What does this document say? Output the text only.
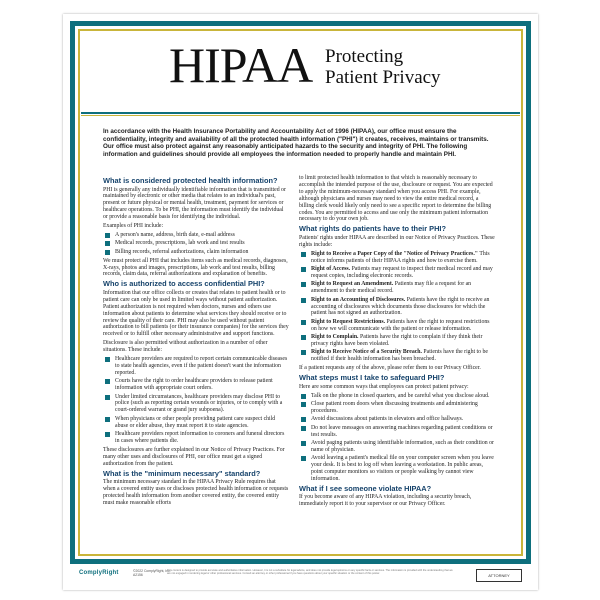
HIPAA Protecting
Patient Privacy
In accordance with the Health Insurance Portability and Accountability Act of 1996 (HIPAA), our office must ensure the confidentiality, integrity and availability of all the protected health information ("PHI") it creates, receives, maintains or transmits. Our office must also protect against any reasonably anticipated hazards to the security and integrity of PHI. The following information and guidelines should provide all employees the information needed to properly handle and maintain PHI.
What is considered protected health information?
PHI is generally any individually identifiable information that is transmitted or maintained by electronic or other media that relates to an individual's past, present or future physical or mental health, treatment, payment for services or healthcare operations. To be PHI, the information must identify the individual or provide a reasonable basis for identifying the individual.
Examples of PHI include:
A person's name, address, birth date, e-mail address
Medical records, prescriptions, lab work and test results
Billing records, referral authorizations, claim information
We must protect all PHI that includes items such as medical records, diagnoses, X-rays, photos and images, prescriptions, lab work and test results, billing records, claim data, referral authorizations and explanation of benefits.
Who is authorized to access confidential PHI?
Information that our office collects or creates that relates to patient health or to patient care can only be used in limited ways without patient authorization. Patient authorization is not required when doctors, nurses and others use information about patients to determine what services they should receive or to review the quality of their care. PHI may also be used without patient authorization to bill patients (or their insurance companies) for the services they received or to fulfill other necessary administrative and support functions.
Disclosure is also permitted without authorization in a number of other situations. These include:
Healthcare providers are required to report certain communicable diseases to state health agencies, even if the patient doesn't want the information reported.
Courts have the right to order healthcare providers to release patient information with appropriate court orders.
Under limited circumstances, healthcare providers may disclose PHI to police (such as reporting certain wounds or injuries, or to comply with a court-ordered warrant or grand jury subpoena).
When physicians or other people providing patient care suspect child abuse or elder abuse, they must report it to state agencies.
Healthcare providers report information to coroners and funeral directors in cases where patients die.
These disclosures are further explained in our Notice of Privacy Practices. For many other uses and disclosures of PHI, our office must get a signed authorization from the patient.
What is the "minimum necessary" standard?
The minimum necessary standard in the HIPAA Privacy Rule requires that when a covered entity uses or discloses protected health information or requests protected health information from another covered entity, the covered entity must make reasonable efforts
to limit protected health information to that which is reasonably necessary to accomplish the intended purpose of the use, disclosure or request. You are expected to apply the minimum-necessary standard when you access PHI. For example, although physicians and nurses may need to view the entire medical record, a billing clerk would likely only need to see a specific report to determine the billing codes. You are permitted to access and use only the minimum patient information necessary to do your own job.
What rights do patients have to their PHI?
Patients' rights under HIPAA are described in our Notice of Privacy Practices. These rights include:
Right to Receive a Paper Copy of the "Notice of Privacy Practices." This notice informs patients of their HIPAA rights and how to exercise them.
Right of Access. Patients may request to inspect their medical record and may request copies, including electronic records.
Right to Request an Amendment. Patients may file a request for an amendment to their medical record.
Right to an Accounting of Disclosures. Patients have the right to receive an accounting of disclosures which documents those disclosures for which the patient has not signed an authorization.
Right to Request Restrictions. Patients have the right to request restrictions on how we will communicate with the patient or release information.
Right to Complain. Patients have the right to complain if they think their privacy rights have been violated.
Right to Receive Notice of a Security Breach. Patients have the right to be notified if their health information has been breached.
If a patient requests any of the above, please refer them to our Privacy Officer.
What steps must I take to safeguard PHI?
Here are some common ways that employees can protect patient privacy:
Talk on the phone in closed quarters, and be careful what you disclose aloud.
Close patient room doors when discussing treatments and administering procedures.
Avoid discussions about patients in elevators and office hallways.
Do not leave messages on answering machines regarding patient conditions or test results.
Avoid paging patients using identifiable information, such as their condition or name of physician.
Avoid leaving a patient's medical file on your computer screen when you leave your desk. It is best to log off when leaving a workstation. In public areas, point computer monitors so visitors or people walking by cannot view information.
What if I see someone violate HIPAA?
If you become aware of any HIPAA violation, including a security breach, immediately report it to your supervisor or our Privacy Officer.
ComplyRight	©2022 ComplyRight, Inc.
A2156
This content is designed to provide accurate and authoritative information. However, it is not a substitute for legal advice, and does not provide legal opinions on any specific facts or services. The information is provided with the understanding that we are not engaged in rendering legal or other professional services. Consult an attorney or other professional if you have questions about your specific situation or the content of this poster.	ATTORNEY
